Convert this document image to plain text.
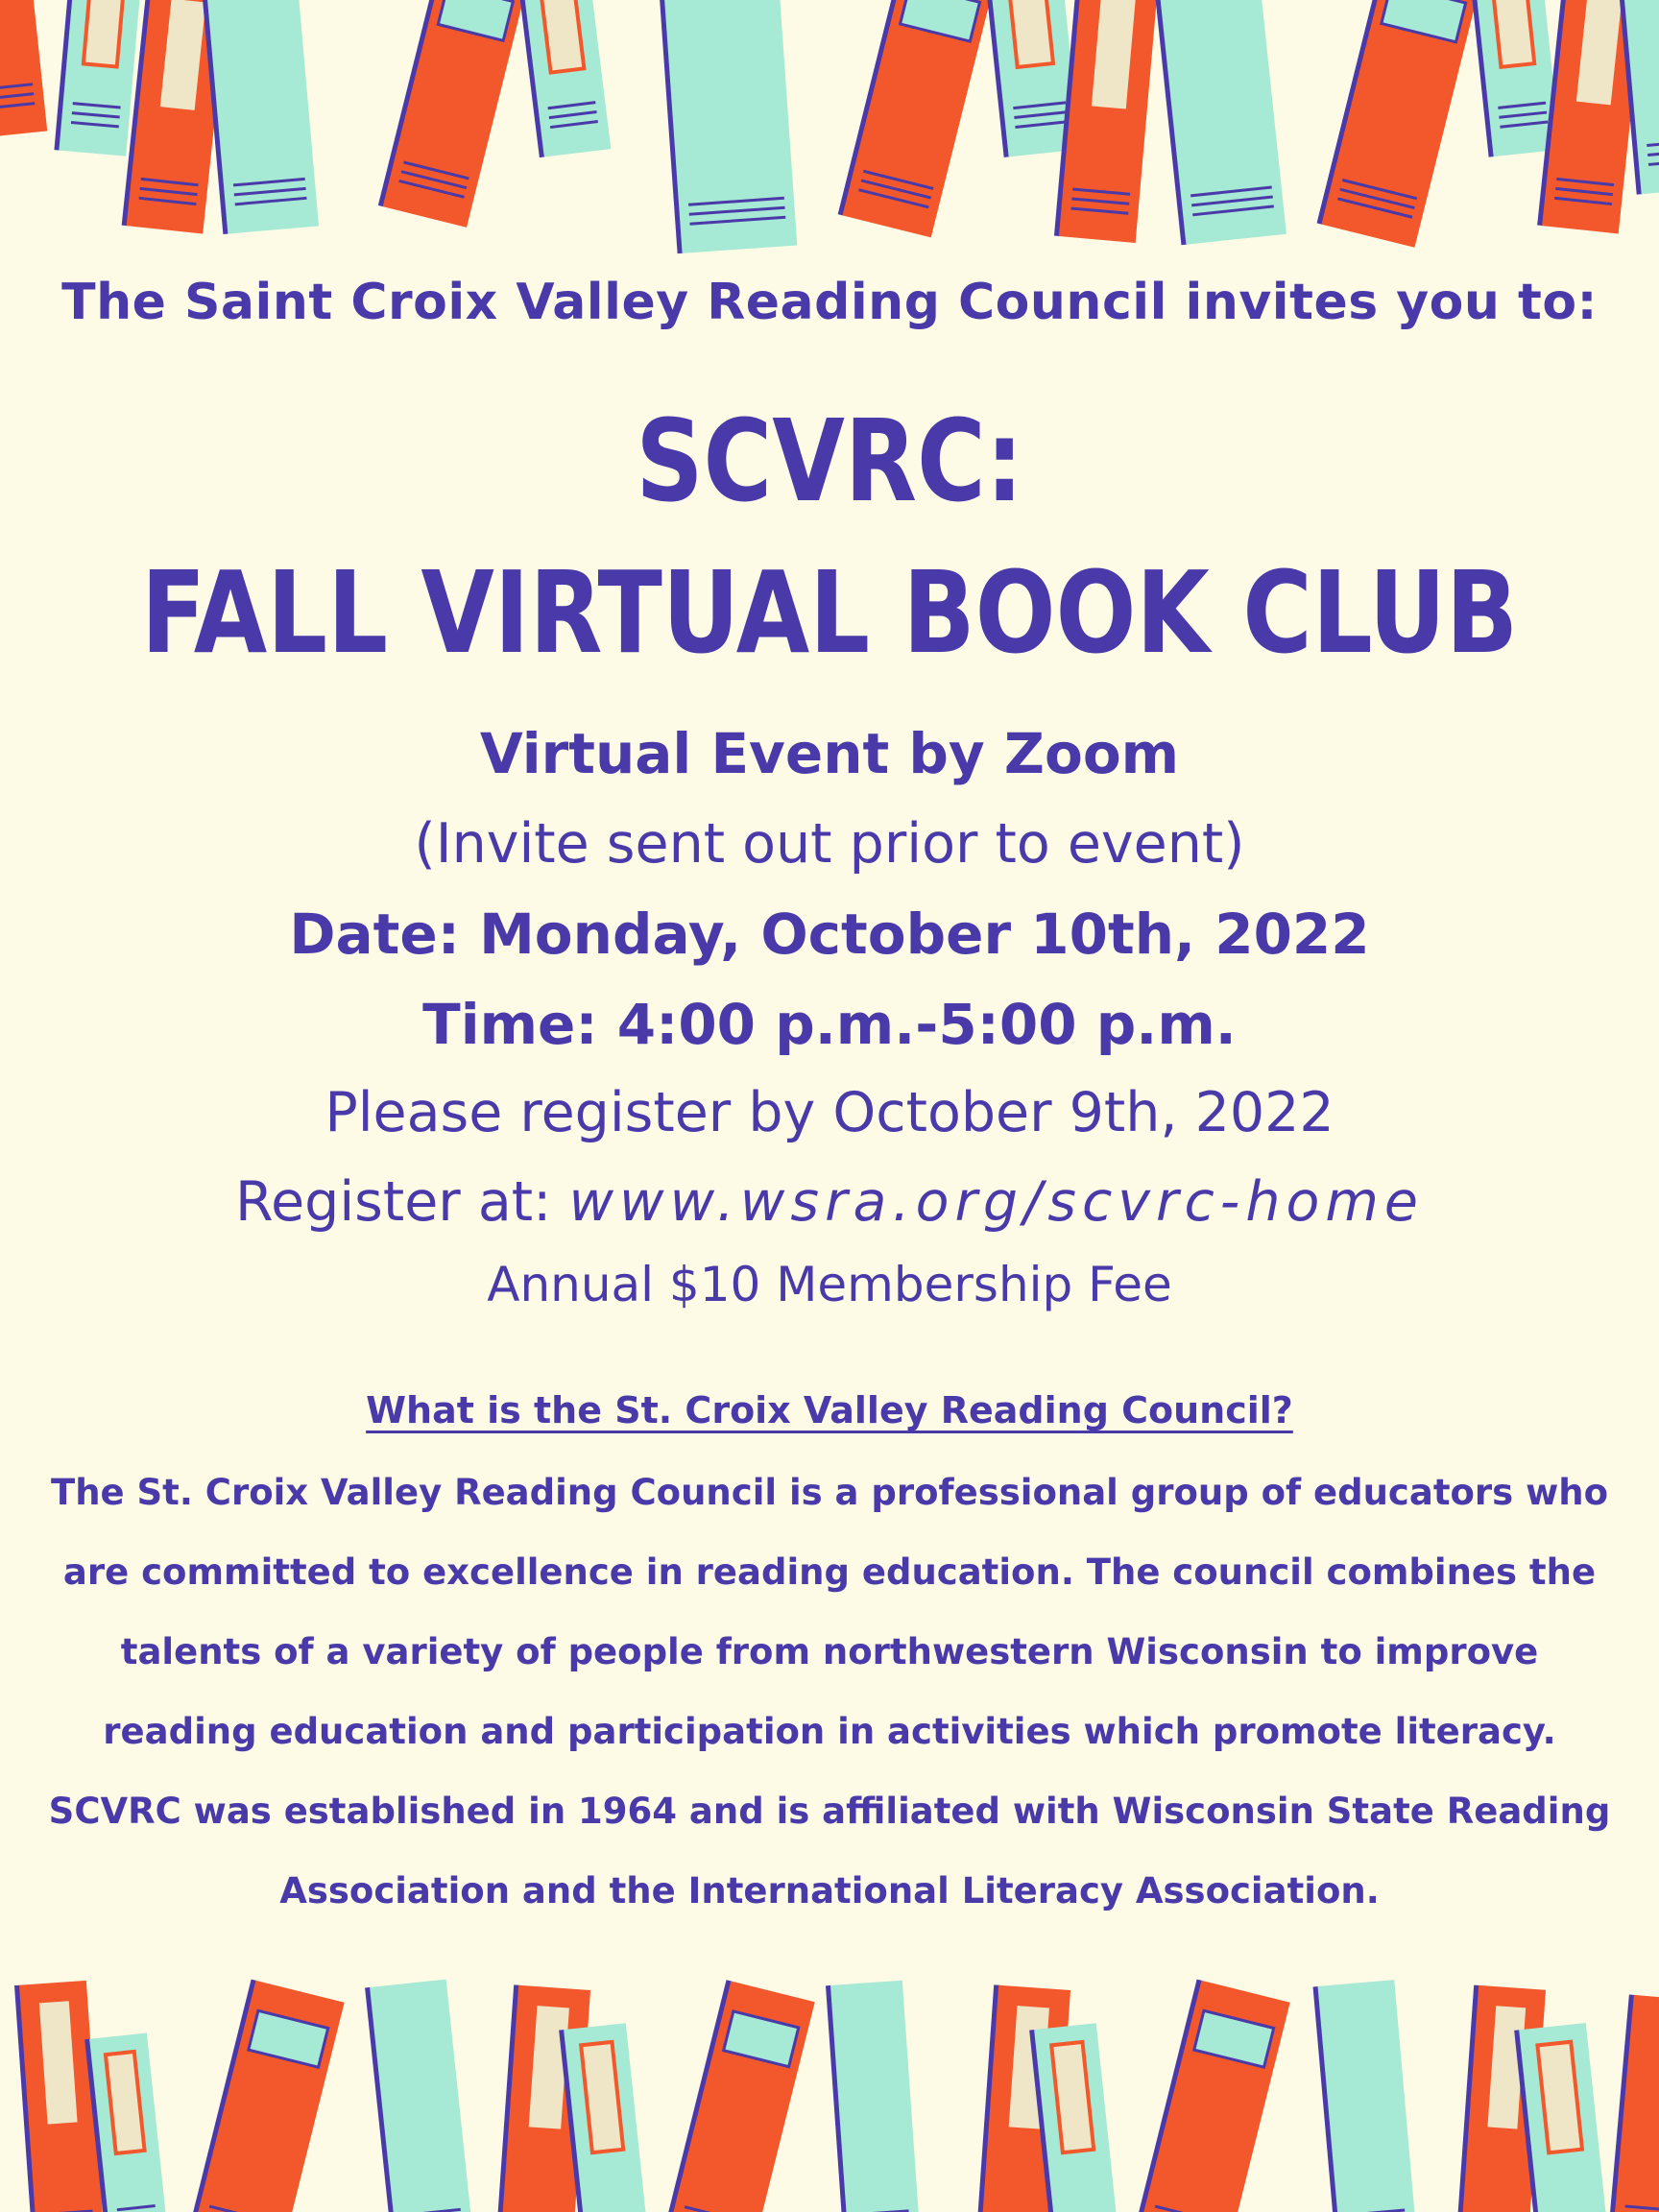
The Saint Croix Valley Reading Council invites you to:
SCVRC:
FALL VIRTUAL BOOK CLUB
Virtual Event by Zoom
(Invite sent out prior to event)
Date: Monday, October 10th, 2022
Time: 4:00 p.m.-5:00 p.m.
Please register by October 9th, 2022
Register at: www.wsra.org/scvrc-home
Annual $10 Membership Fee
What is the St. Croix Valley Reading Council?
The St. Croix Valley Reading Council is a professional group of educators who are committed to excellence in reading education. The council combines the talents of a variety of people from northwestern Wisconsin to improve reading education and participation in activities which promote literacy. SCVRC was established in 1964 and is affiliated with Wisconsin State Reading Association and the International Literacy Association.
